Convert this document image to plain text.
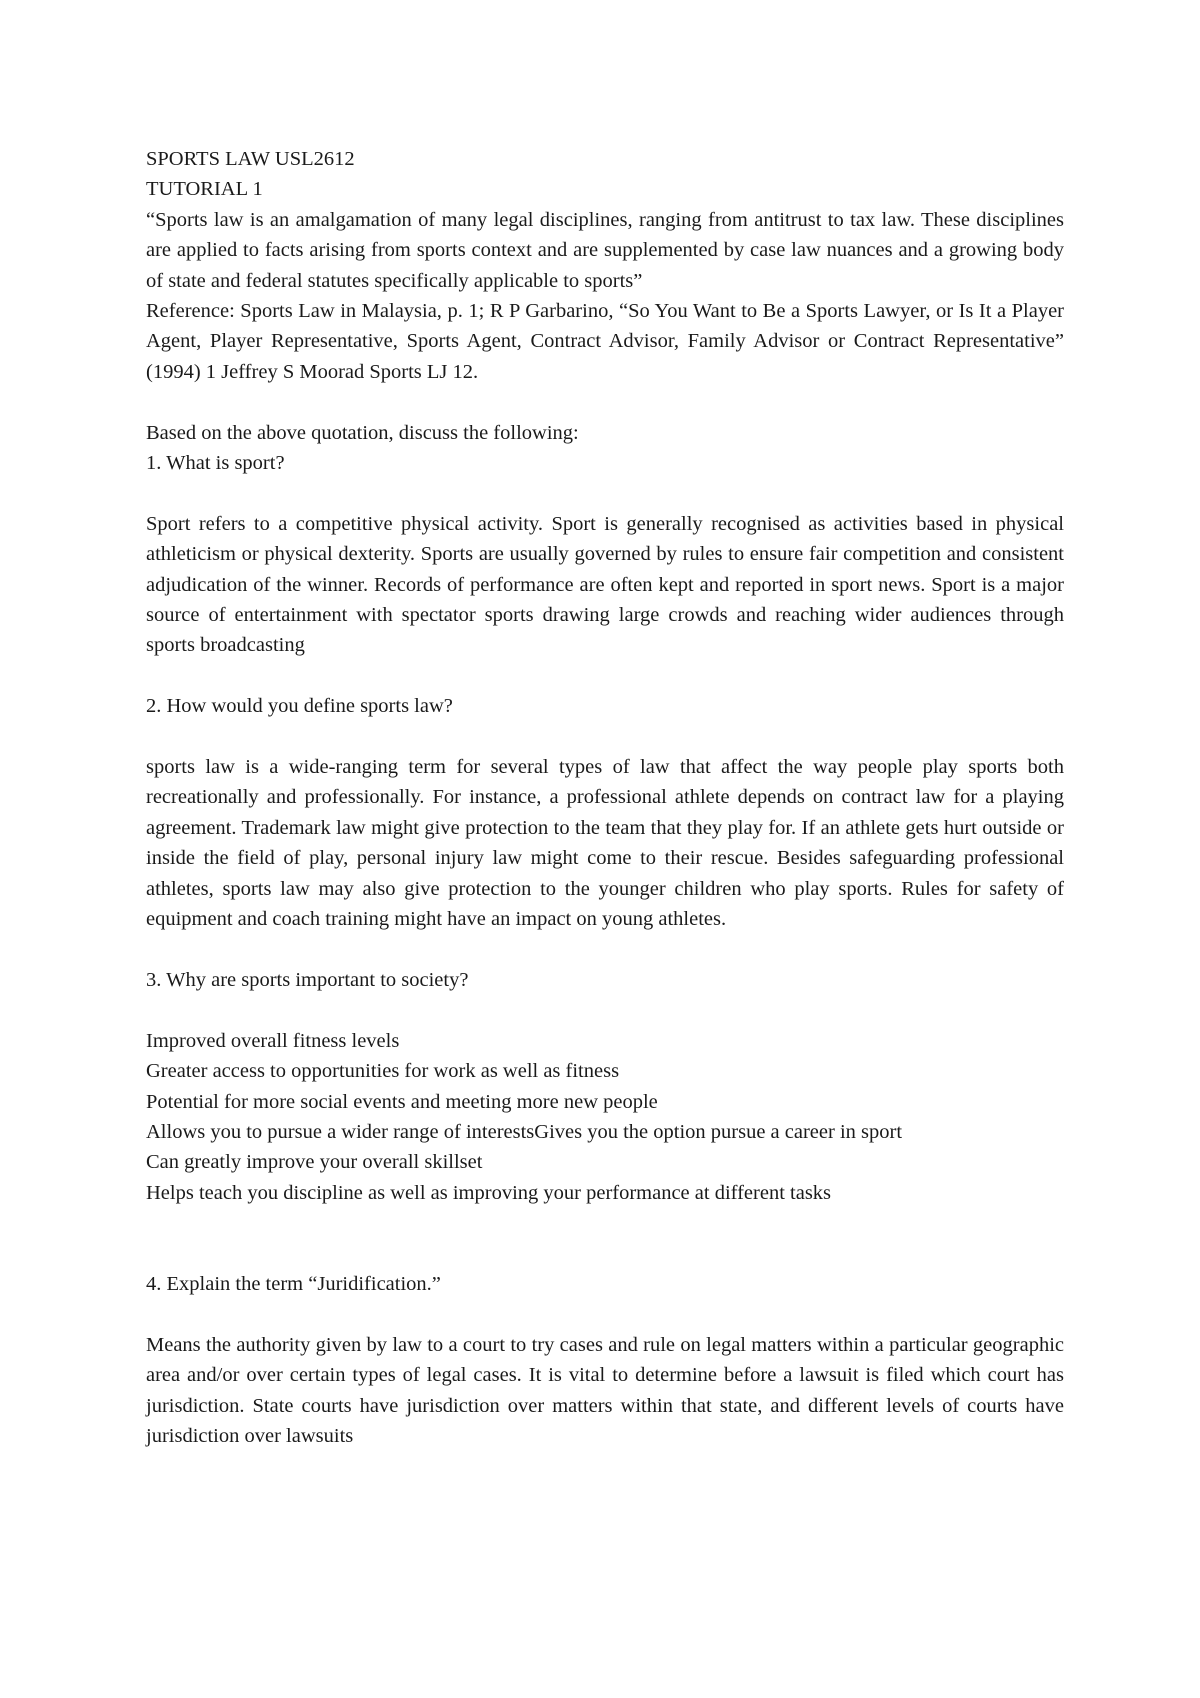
SPORTS LAW USL2612
TUTORIAL 1

“Sports law is an amalgamation of many legal disciplines, ranging from antitrust to tax law. These disciplines are applied to facts arising from sports context and are supplemented by case law nuances and a growing body of state and federal statutes specifically applicable to sports”

Reference: Sports Law in Malaysia, p. 1; R P Garbarino, “So You Want to Be a Sports Lawyer, or Is It a Player Agent, Player Representative, Sports Agent, Contract Advisor, Family Advisor or Contract Representative” (1994) 1 Jeffrey S Moorad Sports LJ 12.

Based on the above quotation, discuss the following:
1. What is sport?

Sport refers to a competitive physical activity. Sport is generally recognised as activities based in physical athleticism or physical dexterity. Sports are usually governed by rules to ensure fair competition and consistent adjudication of the winner. Records of performance are often kept and reported in sport news. Sport is a major source of entertainment with spectator sports drawing large crowds and reaching wider audiences through sports broadcasting

2. How would you define sports law?

sports law is a wide-ranging term for several types of law that affect the way people play sports both recreationally and professionally. For instance, a professional athlete depends on contract law for a playing agreement. Trademark law might give protection to the team that they play for. If an athlete gets hurt outside or inside the field of play, personal injury law might come to their rescue. Besides safeguarding professional athletes, sports law may also give protection to the younger children who play sports. Rules for safety of equipment and coach training might have an impact on young athletes.

3. Why are sports important to society?
Improved overall fitness levels
Greater access to opportunities for work as well as fitness
Potential for more social events and meeting more new people
Allows you to pursue a wider range of interestsGives you the option pursue a career in sport
Can greatly improve your overall skillset
Helps teach you discipline as well as improving your performance at different tasks
4. Explain the term “Juridification.”

Means the authority given by law to a court to try cases and rule on legal matters within a particular geographic area and/or over certain types of legal cases. It is vital to determine before a lawsuit is filed which court has jurisdiction. State courts have jurisdiction over matters within that state, and different levels of courts have jurisdiction over lawsuits
